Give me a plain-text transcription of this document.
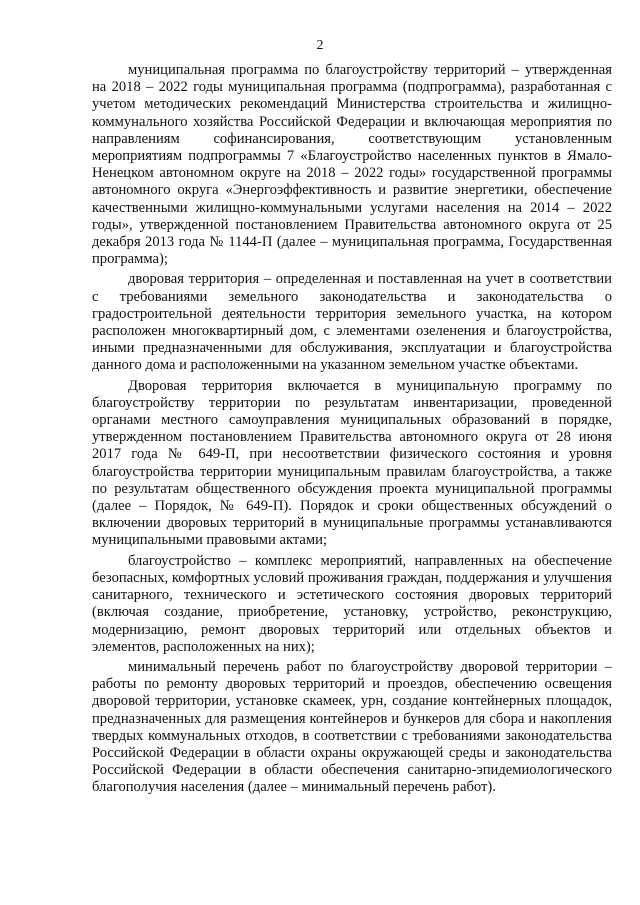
2

муниципальная программа по благоустройству территорий – утвержденная на 2018 – 2022 годы муниципальная программа (подпрограмма), разработанная с учетом методических рекомендаций Министерства строительства и жилищно-коммунального хозяйства Российской Федерации и включающая мероприятия по направлениям софинансирования, соответствующим установленным мероприятиям подпрограммы 7 «Благоустройство населенных пунктов в Ямало-Ненецком автономном округе на 2018 – 2022 годы» государственной программы автономного округа «Энергоэффективность и развитие энергетики, обеспечение качественными жилищно-коммунальными услугами населения на 2014 – 2022 годы», утвержденной постановлением Правительства автономного округа от 25 декабря 2013 года № 1144-П (далее – муниципальная программа, Государственная программа);

дворовая территория – определенная и поставленная на учет в соответствии с требованиями земельного законодательства и законодательства о градостроительной деятельности территория земельного участка, на котором расположен многоквартирный дом, с элементами озеленения и благоустройства, иными предназначенными для обслуживания, эксплуатации и благоустройства данного дома и расположенными на указанном земельном участке объектами.

Дворовая территория включается в муниципальную программу по благоустройству территории по результатам инвентаризации, проведенной органами местного самоуправления муниципальных образований в порядке, утвержденном постановлением Правительства автономного округа от 28 июня 2017 года № 649-П, при несоответствии физического состояния и уровня благоустройства территории муниципальным правилам благоустройства, а также по результатам общественного обсуждения проекта муниципальной программы (далее – Порядок, № 649-П). Порядок и сроки общественных обсуждений о включении дворовых территорий в муниципальные программы устанавливаются муниципальными правовыми актами;

благоустройство – комплекс мероприятий, направленных на обеспечение безопасных, комфортных условий проживания граждан, поддержания и улучшения санитарного, технического и эстетического состояния дворовых территорий (включая создание, приобретение, установку, устройство, реконструкцию, модернизацию, ремонт дворовых территорий или отдельных объектов и элементов, расположенных на них);

минимальный перечень работ по благоустройству дворовой территории – работы по ремонту дворовых территорий и проездов, обеспечению освещения дворовой территории, установке скамеек, урн, создание контейнерных площадок, предназначенных для размещения контейнеров и бункеров для сбора и накопления твердых коммунальных отходов, в соответствии с требованиями законодательства Российской Федерации в области охраны окружающей среды и законодательства Российской Федерации в области обеспечения санитарно-эпидемиологического благополучия населения (далее – минимальный перечень работ).
